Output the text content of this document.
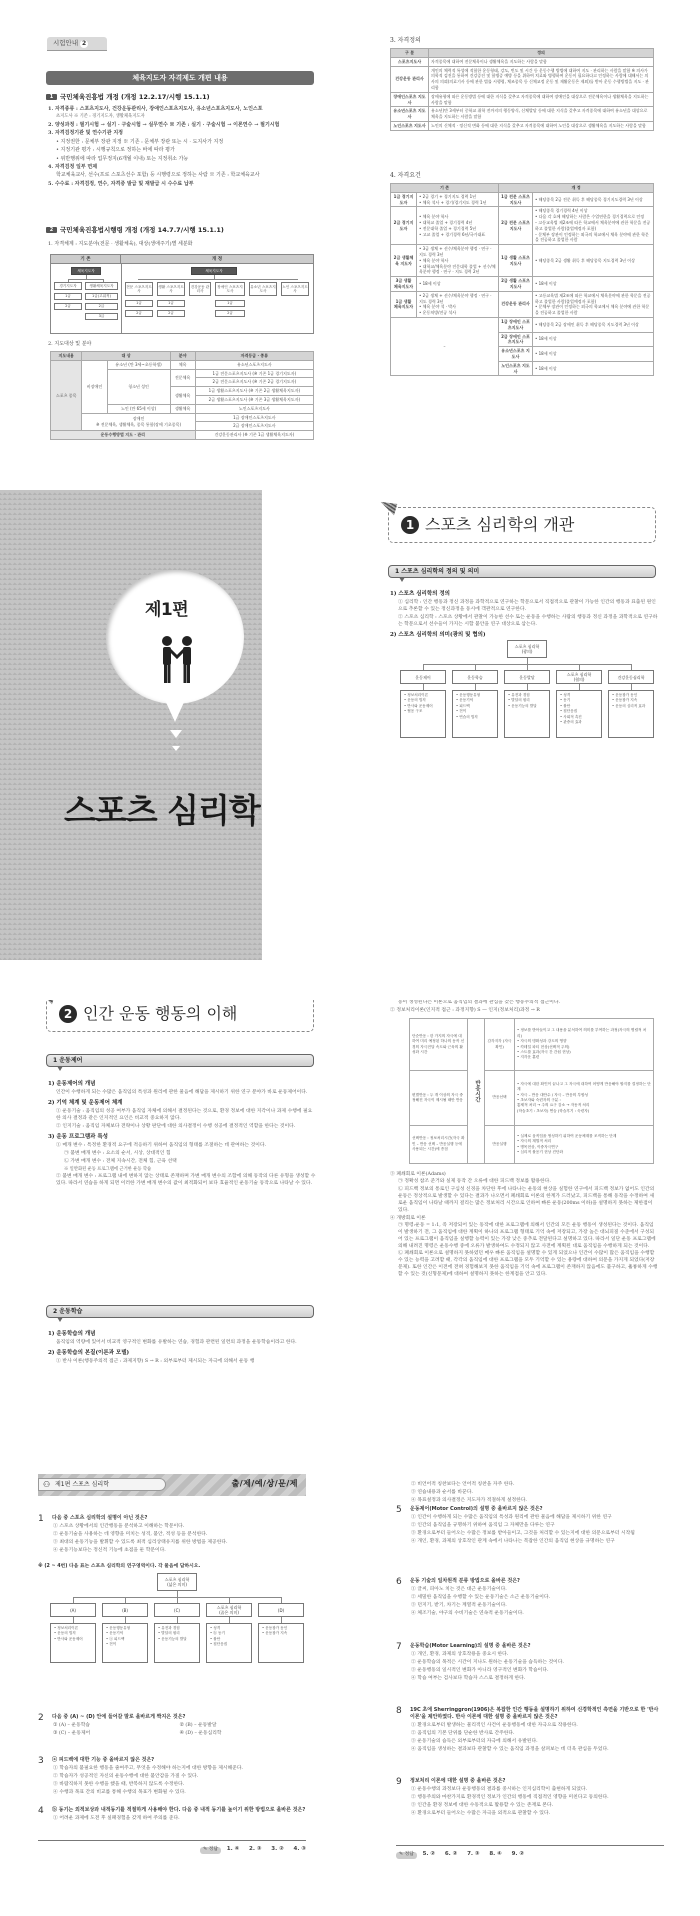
시험안내 2
체육지도자 자격제도 개편 내용
1 국민체육진흥법 개정 (개정 12.2.17/시행 15.1.1)
1. 자격종류 : 스포츠지도사, 건강운동관리사, 장애인스포츠지도사, 유소년스포츠지도사, 노인스포
츠지도사 ※ 기존 : 경기지도자, 생활체육지도자
2. 양성과정 : 필기시험 → 실기 · 구술시험 → 실무연수 ※ 기존 : 실기 · 구술시험 → 이론연수 → 필기시험
3. 자격검정기관 및 연수기관 지정
• 지정권한 : 문체부 장관 지정 ※ 기존 : 문체부 장관 또는 시 · 도지사가 지정
• 지정기관 평가 : 시행규칙으로 정하는 바에 따라 평가
• 위반행위에 따라 업무정지(6개월 이내) 또는 지정취소 가능
4. 자격검정 일부 면제
학교체육교사, 선수(프로 스포츠선수 포함) 등 시행령으로 정하는 사람 ※ 기존 : 학교체육교사
5. 수수료 : 자격검정, 연수, 자격증 발급 및 재발급 시 수수료 납부
2 국민체육진흥법시행령 개정 (개정 14.7.7/시행 15.1.1)
1. 자격체계 : 지도분야(전문 · 생활체육), 대상(생애주기)별 세분화
기 존	개 정
체육지도자
경기지도자	생활체육지도자
1급
2급
1급(고위직)
2급
3급
체육지도자
전문 스포츠지도사
생활 스포츠지도사
건강운동 관리사
장애인 스포츠지도사
유소년 스포츠지도사
노인 스포츠지도사
1급
2급
1급
2급
1급
2급
2. 지도대상 및 분야
지도내용	대 상		분야	자격등급 · 종류
스포츠 종목	비장애인	유소년 (만 3세~초등학생)	체육	유소년스포츠지도사
		청소년 성인	전문체육	1급 전문스포츠지도사 (※ 기존 1급 경기지도자)
				2급 전문스포츠지도사 (※ 기존 2급 경기지도자)
			생활체육	1급 생활스포츠지도사 (※ 기존 2급 생활체육지도자)
				2급 생활스포츠지도사 (※ 기존 3급 생활체육지도자)
		노인 (만 65세 이상)	생활체육	노인스포츠지도사
	장애인
※ 전문체육, 생활체육, 종목 통합(장애 기초종목)			1급 장애인스포츠지도사
				2급 장애인스포츠지도사
운동수행방법 지도 · 관리				건강운동관리사 (※ 기존 1급 생활체육지도자)
3. 자격정의
구 분	정의
스포츠지도사	자격종목에 대하여 전문체육이나 생활체육을 지도하는 사람을 말함
건강운동 관리사	개인의 체력적 특성에 적합한 운동형태, 강도, 빈도 및 시간 등 운동수행 방법에 대하여 지도 · 관리하는 사람을 말함 ※ 의사가 의학적 검진을 통하여 건강증진 및 합병증 예방 등을 위하여 치료와 병행하여 운동이 필요하다고 인정하는 사람에 대해서는 의사의 의뢰(의료기사 등에 관한 법률 시행령, 체조종목 등 신체교정 운동 및 재활운동은 제외)를 받아 운동 수행방법을 지도 · 관리함
장애인스포츠 지도사	장애유형에 따른 운동방법 등에 대한 지식을 갖추고 자격종목에 대하여 장애인을 대상으로 전문체육이나 생활체육을 지도하는 사람을 말함
유소년스포츠 지도사	유소년(만 3세부터 중학교 취학 전까지의 행동양식, 신체발달 등에 대한 지식을 갖추고 자격종목에 대하여 유소년을 대상으로 체육을 지도하는 사람을 말함
노인스포츠 지도사	노인의 신체적 · 정신적 변화 등에 대한 지식을 갖추고 자격종목에 대하여 노인을 대상으로 생활체육을 지도하는 사람을 말함
4. 자격요건
기 존		개 정	
1급 경기지도자	• 2급 경기 + 경기지도 경력 1년
• 체육 석사 + 경기/경기지도 경력 1년	1급 전문 스포츠지도사	• 해당종목 2급 전문 취득 후 해당종목 경기지도경력 3년 이상
2급 경기지도자	• 체육 분야 학사
• 대학교 졸업 + 경기경력 4년
• 전문대학 졸업 + 경기경력 5년
• 고교 졸업 + 경기경력 6년/국가대표	2급 전문 스포츠지도사	• 해당종목 경기경력 4년 이상
• 다음 각 호에 해당하는 사람은 수업연한을 경기경력으로 인정
– 고등교육법 제2조에 따른 학교에서 체육분야에 관한 학문을 전공하고 졸업한 사람(졸업예정자 포함)
– 문체부 장관이 인정하는 외국의 학교에서 체육 분야에 관한 학문을 전공하고 졸업한 사람
2급 생활체육 지도자	• 3급 생체 + 선수/체육분야 행정 · 연구 · 지도 경력 3년
• 체육 분야 학사
• 대학교/체육분야 전문대학 졸업 + 선수/체육분야 행정 · 연구 · 지도 경력 2년	1급 생활 스포츠지도사	• 해당종목 2급 생활 취득 후 해당종목 지도경력 3년 이상
3급 생활 체육지도자	• 18세 이상	2급 생활 스포츠지도사	• 18세 이상
1급 생활 체육지도자	• 2급 생체 + 선수/체육분야 행정 · 연구 · 지도 경력 3년
• 체육 분야 석 · 박사
• 운동처방/전공 석사	건강운동 관리사	• 고등교육법 제2조에 따른 학교에서 체육분야에 관한 학문을 전공하고 졸업한 사람(졸업예정자 포함)
• 문체부 장관이 인정하는 외국의 학교에서 체육 분야에 관한 학문을 전공하고 졸업한 사람
–		1급 장애인 스포츠지도사	• 해당종목 2급 장애인 취득 후 해당종목 지도경력 3년 이상
		2급 장애인 스포츠지도사	• 18세 이상
		유소년스포츠 지도사	• 18세 이상
		노인스포츠 지도사	• 18세 이상
제1편
스포츠 심리학
1 스포츠 심리학의 개관
1 스포츠 심리학의 정의 및 의미
1) 스포츠 심리학의 정의
① 심리학 : 인간 행동과 정신 과정을 과학적으로 연구하는 학문으로서 직접적으로 관찰이 가능한 인간의 행동과 표출된 원인으로 추론할 수 있는 정신과정을 동시에 객관적으로 연구한다.
② 스포츠 심리학 : 스포츠 상황에서 관찰이 가능한 선수 또는 운동을 수행하는 사람의 행동과 정신 과정을 과학적으로 연구하는 학문으로서 선수들이 가지는 시합 불안을 연구 대상으로 삼는다.
2) 스포츠 심리학의 의미(광의 및 협의)
스포츠 심리학
(광의)
운동제어
• 정보처리이론
• 운동의 법칙
• 반사와 운동제어
• 협응 구조
운동학습
• 운동행동유형
• 운동기억
• 피드백
• 전이
• 연습의 법칙
운동발달
• 유전과 경험
• 발달의 원리
• 운동기능의 발달
스포츠 심리학
(협의)
• 성격
• 동기
• 불안
• 집단응집
• 사회적 촉진
• 관중의 효과
건강운동심리학
• 운동참가 동인
• 운동참가 지속
• 운동의 심리적 효과
2 인간 운동 행동의 이해
1 운동제어
1) 운동제어의 개념
인간이 수행하게 되는 수많은 움직임의 특성과 원리에 관한 물음에 해답을 제시하기 위한 연구 분야가 바로 운동제어이다.
2) 기억 체계 및 운동제어 체계
① 운동기술 : 움직임의 성공 여부가 움직임 자체에 의해서 결정된다는 것으로, 환경 정보에 대한 지각이나 과제 수행에 필요한 의사 결정과 같은 인지적인 요인은 비교적 중요하지 않다.
② 인지기술 : 움직임 자체보다 전략이나 상황 판단에 대한 의사결정이 수행 성공에 결정적인 역할을 한다는 것이다.
3) 운동 프로그램과 특성
① 매개 변수 : 특정한 환경적 요구에 적응하기 위하여 움직임의 형태를 조절하는 데 관여하는 것이다.
㉠ 불변 매개 변수 : 요소의 순서, 시상, 상대적인 힘
㉡ 가변 매개 변수 : 전체 지속시간, 전체 힘, 근육 선택
※ 일반화된 운동 프로그램에 근거한 운동 학습
② 불변 매개 변수 : 프로그램 내에 변하지 않는 상태로 존재하며 가변 매개 변수의 조합에 의해 동작의 다른 유형을 생성할 수 있다. 따라서 연습을 하게 되면 이러한 가변 매개 변수의 값이 최적화되어 보다 효율적인 운동기술 동작으로 나타날 수 있다.
2 운동학습
1) 운동학습의 개념
움직임의 역량에 있어서 비교적 영구적인 변화를 유발하는 연습, 경험과 관련된 일련의 과정을 운동학습이라고 한다.
2) 운동학습의 본질(이론과 모델)
① 반사 이론(행동주의적 접근 : 과제지향) S → R : 외부로부터 제시되는 자극에 의해서 운동 행
동이 생성된다는 이론으로 움직임의 결과에 관심을 갖는 행동주의적 접근이다.
② 정보처리이론(인지적 접근 : 과정지향) S — 인지(정보처리)과정 → R
단순반응 : 한 가지의 자극에 대하여 미리 예정된 하나의 동작 신경의 자극전달 속도와 근육의 활성화 시간	반응시간	감각지각 (자극확인)	• 정보를 받아들이고 그 내용을 분석하여 의미를 부여하는 과정(자극의 병렬적 처리)
• 자극의 명확성과 강도의 영향
• 칵테일 파티 현상(선택적 주의)
• 스트룹 효과(자극 간 간섭 현상)
• 지각운 훈련

변별반응 : 두 개 이상의 자극 중 정해진 자극이 제시될 때만 반응		반응선택	• 자극에 대한 확인이 끝나고 그 자극에 대하여 어떻게 반응해야 할지를 결정하는 단계
• 자극 – 반응 대안수 / 자극 – 반응의 부합성
• 초보자와 숙련자의 구분 :
통제적 처리 → 주의 요구 감소 → 자동적 처리
(학습초기 : 초보자) 연습 (학습후기 : 숙련자)

선택반응 : 정보처리시간(자극 확인 – 반응 선택 – 반응실행 등에 사용되는 시간)에 종점		반응실행	• 실제로 움직임을 생성하기 위하여 운동체계를 조직하는 단계
• 자극의 계열적 처리
• 병목현상, 이중자극연구
• 심리적 불응기 현상 진단화
③ 폐쇄회로 이론(Adams)
㉠ 정확성 참조 준거와 실제 동작 간 오류에 대한 피드백 정보를 활용한다.
㉡ 피드백 정보의 통로인 구심성 신경을 차단한 후에 나타나는 운동의 현상을 실험한 연구에서 피드백 정보가 없어도 인간의 운동은 정상적으로 발생할 수 있다는 결과가 나오면서 폐쇄회로 이론의 한계가 드러났고, 피드백을 통해 동작을 수정하여 새로운 움직임이 나타날 때까지 걸리는 많은 정보처리 시간으로 인하여 빠른 운동(200ms 이하)을 설명하지 못하는 제한점이 있다.
④ 개방회로 이론
㉠ 명령:운동 = 1:1, 즉 저장되어 있는 동작에 대한 프로그램에 의해서 인간의 모든 운동 행동이 생성된다는 것이다. 움직임이 발생하기 전, 그 움직임에 대한 계획이 하나의 프로그램 형태로 기억 속에 저장되고, 가장 높은 대뇌피질 수준에서 구성되어 있는 프로그램이 움직임을 실행할 능력이 있는 가장 낮은 중추로 전달된다고 설명하고 있다. 따라서 일단 운동 프로그램에 의해 내려진 명령은 운동수행 중에 오류가 발생하여도 수정되지 않고 사전에 계획된 대로 움직임을 수행하게 되는 것이다.
㉡ 폐쇄회로 이론으로 설명하지 못하였던 매우 빠른 움직임을 설명할 수 있게 되었으나 인간이 수많이 많은 움직임을 수행할 수 있는 능력을 고려할 때, 각각의 움직임에 대한 프로그램을 모두 기억할 수 있는 용량에 대하여 의문을 가지게 되었다(저장문제). 또한 인간은 이전에 전혀 경험해보지 못한 움직임을 기억 속에 프로그램이 존재하지 않음에도 불구하고, 훌륭하게 수행할 수 있는 것(신형문제)에 대하여 설명하지 못하는 한계점을 안고 있다.
⚇ 제1편 스포츠 심리학	출/제/예/상/문/제
1	다음 중 스포츠 심리학의 설명이 아닌 것은?
① 스포츠 상황에서의 인간행동을 분석하고 이해하는 학문이다.
② 운동기술을 사용하는 데 영향을 미치는 성격, 불안, 적성 등을 분석한다.
③ 최대의 운동기능을 발휘할 수 있도록 최적 심리상태유지를 위한 방법을 제공한다.
④ 운동기능보다는 정신적 기능에 초점을 둔 학문이다.
※ (2 ~ 4번) 다음 표는 스포츠 심리학의 연구영역이다. 각 물음에 답하시오.
2	다음 중 (A) ~ (D) 안에 들어갈 말로 올바르게 짝지은 것은?
① (A) – 운동학습	② (B) – 운동발달
③ (C) – 운동제어	④ (D) – 운동심리학
3	ⓐ 피드백에 대한 기능 중 올바르지 않은 것은?
① 학습자의 불필요한 행동을 줄여주고, 무엇을 수정해야 하는지에 대한 방향을 제시해준다.
② 학습자가 성공적인 자신의 운동수행에 대한 불안감을 가질 수 있다.
③ 바람직하지 못한 수행을 했을 때, 반복하지 않도록 수정한다.
④ 수행과 목표 간의 비교를 통해 수행의 목표가 변화될 수 있다.
4	ⓑ 동기는 외적보상과 내적동기를 적절하게 사용해야 한다. 다음 중 내적 동기를 높이기 위한 방법으로 올바른 것은?
① 어려운 과제에 도전 후 실패경험을 갖게 하여 주의를 준다.
✎ 정답 1. ④ 2. ③ 3. ② 4. ③
스포츠 심리학
(넓은 의미)
(A)
• 정보처리이론
• 운동의 법칙
• 반사와 운동제어
(B)
• 운동행동유형
• 운동기억
• ⓐ 피드백
• 전이
(C)
• 유전과 경험
• 발달의 원리
• 운동기능의 발달
스포츠 심리학
(좁은 의미)
• 성격
• ⓑ 동기
• 불안
• 집단응집
(D)
• 운동참가 동인
• 운동참가 지속
② 비언어적 칭찬보다는 언어적 칭찬을 자주 한다.
③ 연습내용과 순서를 바꾼다.
④ 목표설정과 의사결정은 지도자가 적절하게 설정한다.
5	운동제어(Motor Control)의 설명 중 올바르지 않은 것은?
① 인간이 수행하게 되는 수많은 움직임의 특성과 원리에 관한 물음에 해답을 제시하기 위한 연구
② 인간의 움직임을 규명하기 위하여 움직임 그 자체만을 다루는 연구
③ 환경으로부터 들어오는 수많은 정보를 받아들이고, 그것을 처리할 수 있는지에 대한 의문으로부터 시작됨
④ 개인, 환경, 과제의 상호작인 관계 속에서 나타나는 복잡한 인간의 움직임 현상을 규명하는 연구
6	운동 기술의 일차원적 분류 방법으로 올바른 것은?
① 글씨, 피아노 치는 것은 대근 운동기술이다.
② 세밀한 움직임을 수행할 수 있는 운동기술은 소근 운동기술이다.
③ 던지기, 받기, 차기는 계열적 운동기술이다.
④ 체조기술, 야구의 수비기술은 연속적 운동기술이다.
7	운동학습(Motor Learning)의 설명 중 올바른 것은?
① 개인, 환경, 과제의 상호작용을 중요시 한다.
② 운동학습의 목적은 시간이 지나도 원하는 운동기술을 습득하는 것이다.
③ 운동행동의 일시적인 변화가 아니라 영구적인 변화가 학습이다.
④ 학습 여부는 검사보다 학습자 스스로 결정하게 한다.
8	19C 초에 Sherringgron(1906)은 복잡한 인간 행동을 설명하기 위하여 신경학적인 측면을 기반으로 한 '반사 이론'을 제안하였다. 반사 이론에 대한 설명 중 올바르지 않은 것은?
① 환경으로부터 발생하는 물리적인 사건이 운동행동에 대한 자극으로 작용한다.
② 움직임의 기본 단위를 단순한 반사로 간주한다.
③ 운동기술의 습득은 외부로부터의 자극에 의해서 유발된다.
④ 움직임을 생성하는 결과보다 관찰할 수 있는 움직임 과정을 살펴보는 데 더욱 관심을 두었다.
9	정보처리 이론에 대한 설명 중 올바른 것은?
① 운동수행의 과정보다 운동행동의 결과를 중시하는 인지심리학이 출현하게 되었다.
② 행동주의와 마찬가지로 환경적인 정보가 인간의 행동에 직접적인 영향을 미친다고 동의한다.
③ 인간을 환경 정보에 대한 수동적으로 활용할 수 있는 존재로 본다.
④ 환경으로부터 들어오는 수많은 자극을 외적으로 관찰할 수 있다.
✎ 정답 5. ② 6. ② 7. ③ 8. ④ 9. ②
